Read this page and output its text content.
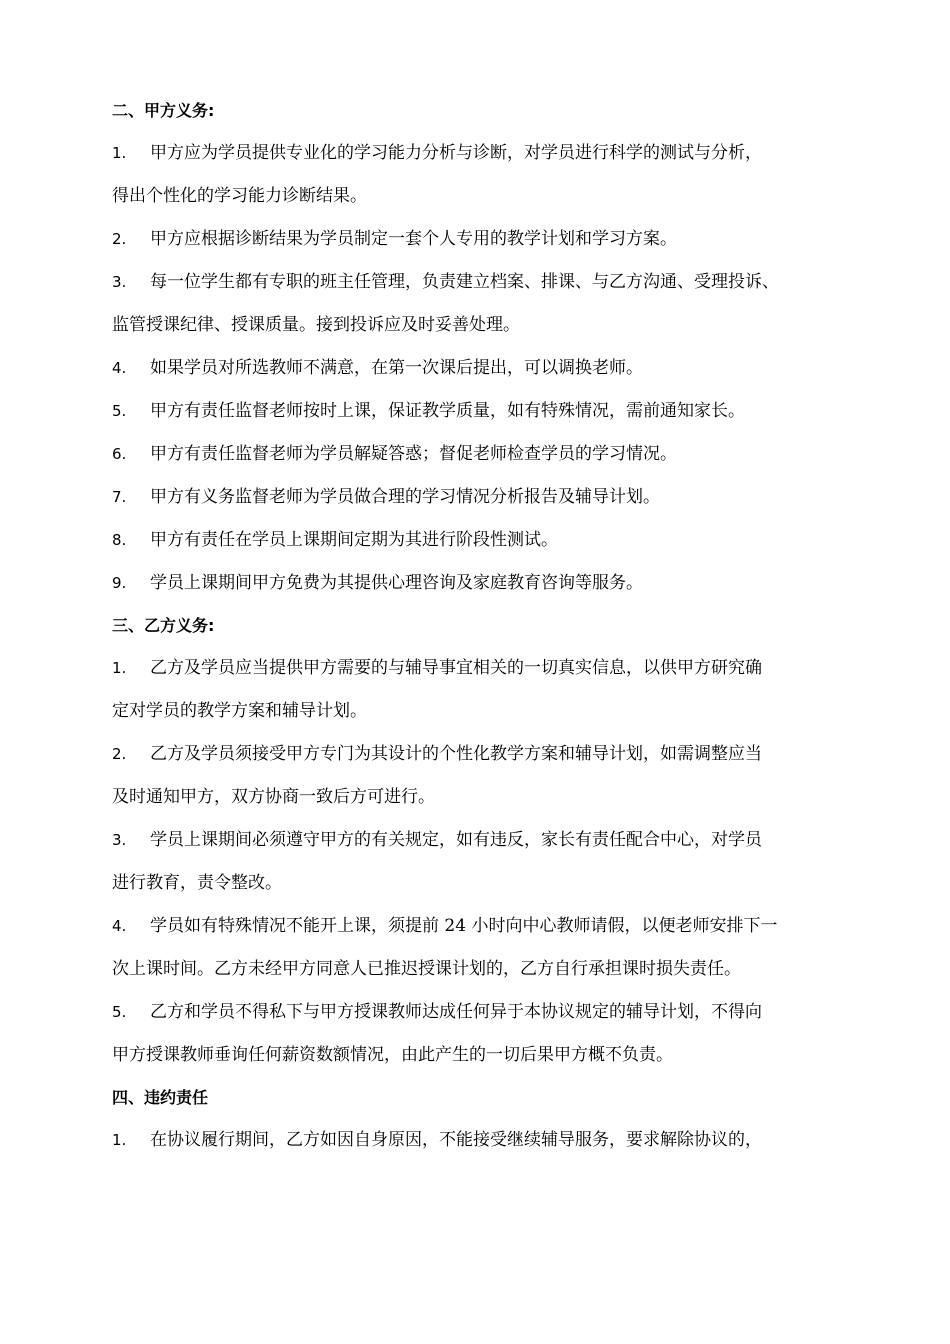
二、甲方义务:
1. 甲方应为学员提供专业化的学习能力分析与诊断，对学员进行科学的测试与分析，
得出个性化的学习能力诊断结果。
2. 甲方应根据诊断结果为学员制定一套个人专用的教学计划和学习方案。
3. 每一位学生都有专职的班主任管理，负责建立档案、排课、与乙方沟通、受理投诉、
监管授课纪律、授课质量。接到投诉应及时妥善处理。
4. 如果学员对所选教师不满意，在第一次课后提出，可以调换老师。
5. 甲方有责任监督老师按时上课，保证教学质量，如有特殊情况，需前通知家长。
6. 甲方有责任监督老师为学员解疑答惑；督促老师检查学员的学习情况。
7. 甲方有义务监督老师为学员做合理的学习情况分析报告及辅导计划。
8. 甲方有责任在学员上课期间定期为其进行阶段性测试。
9. 学员上课期间甲方免费为其提供心理咨询及家庭教育咨询等服务。
三、乙方义务:
1. 乙方及学员应当提供甲方需要的与辅导事宜相关的一切真实信息，以供甲方研究确
定对学员的教学方案和辅导计划。
2. 乙方及学员须接受甲方专门为其设计的个性化教学方案和辅导计划，如需调整应当
及时通知甲方，双方协商一致后方可进行。
3. 学员上课期间必须遵守甲方的有关规定，如有违反，家长有责任配合中心，对学员
进行教育，责令整改。
4. 学员如有特殊情况不能开上课，须提前 24 小时向中心教师请假，以便老师安排下一
次上课时间。乙方未经甲方同意人已推迟授课计划的，乙方自行承担课时损失责任。
5. 乙方和学员不得私下与甲方授课教师达成任何异于本协议规定的辅导计划，不得向
甲方授课教师垂询任何薪资数额情况，由此产生的一切后果甲方概不负责。
四、违约责任
1. 在协议履行期间，乙方如因自身原因，不能接受继续辅导服务，要求解除协议的，
